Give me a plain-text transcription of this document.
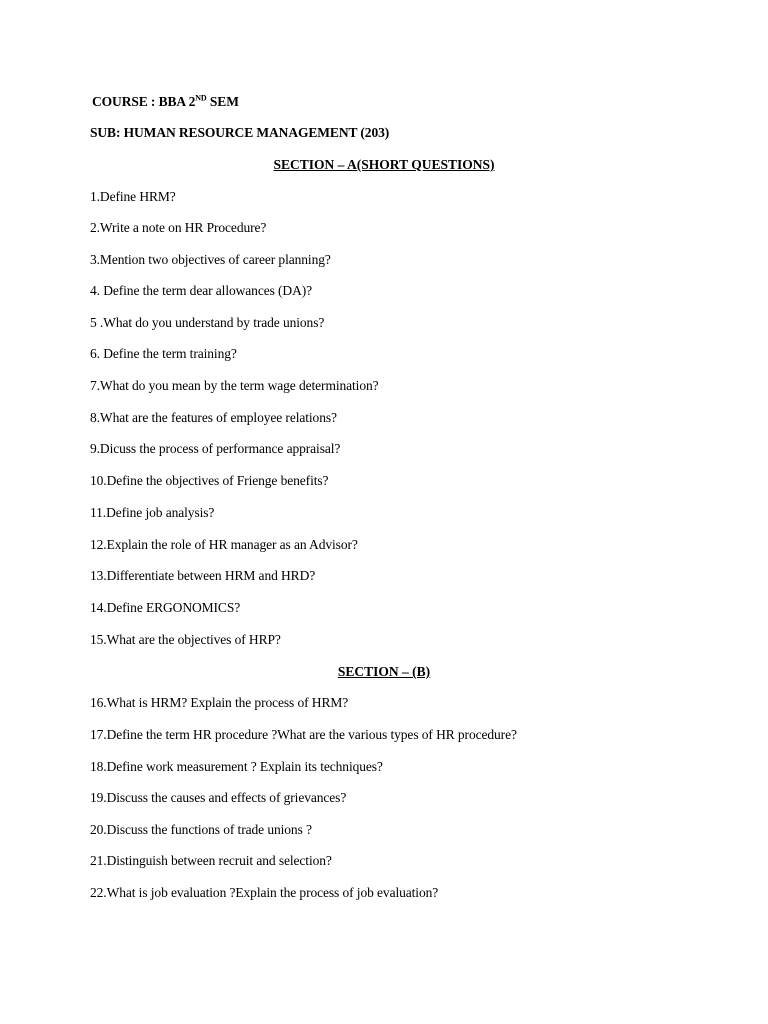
COURSE : BBA 2ND SEM
SUB: HUMAN RESOURCE MANAGEMENT (203)
SECTION – A(SHORT QUESTIONS)
1.Define HRM?
2.Write a note on HR Procedure?
3.Mention two objectives of career planning?
4. Define the term dear allowances (DA)?
5 .What do you understand by trade unions?
6. Define the term training?
7.What do you mean by the term wage determination?
8.What are the features of employee relations?
9.Dicuss the process of performance appraisal?
10.Define the objectives of Frienge benefits?
11.Define job analysis?
12.Explain the role of HR manager as an Advisor?
13.Differentiate between HRM and HRD?
14.Define ERGONOMICS?
15.What are the objectives of HRP?
SECTION – (B)
16.What is HRM? Explain the process of HRM?
17.Define the term HR procedure ?What are the various types of HR procedure?
18.Define work measurement ? Explain its techniques?
19.Discuss the causes and effects of grievances?
20.Discuss the functions of trade unions ?
21.Distinguish between recruit and selection?
22.What is job evaluation ?Explain the process of job evaluation?
